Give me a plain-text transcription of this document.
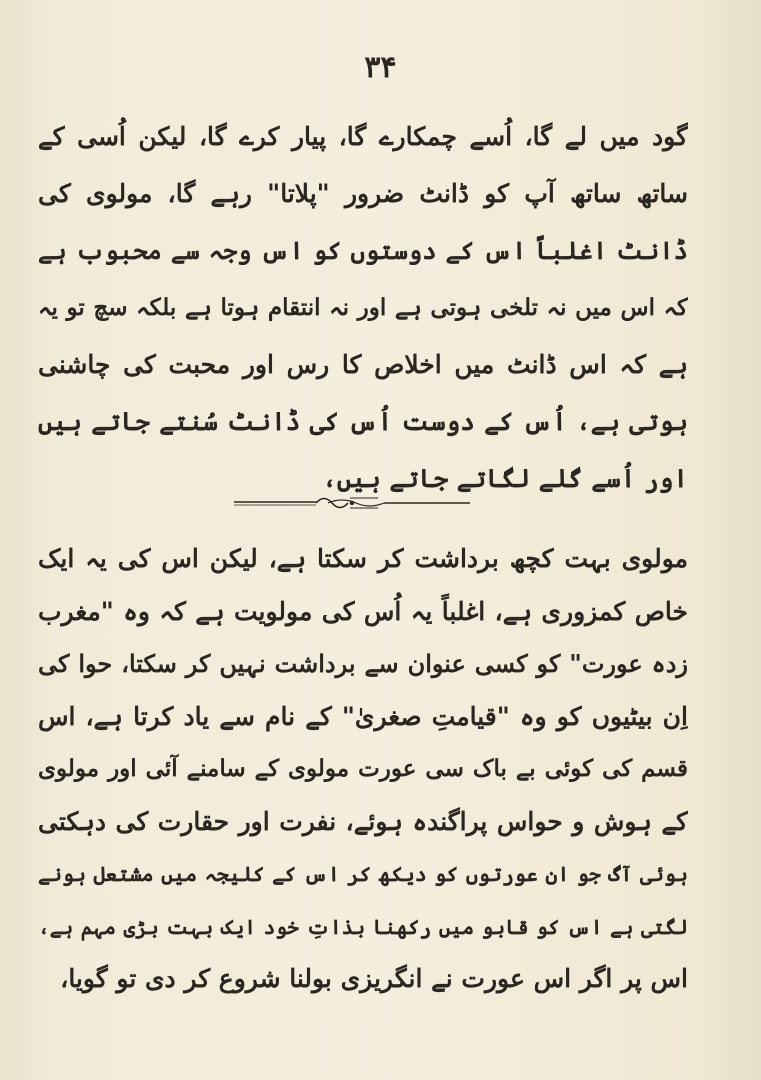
۳۴
گود میں لے گا، اُسے چمکارے گا، پیار کرے گا، لیکن اُسی کے
ساتھ ساتھ آپ کو ڈانٹ ضرور "پلاتا" رہے گا، مولوی کی
ڈانٹ اغلباً اس کے دوستوں کو اس وجہ سے محبوب ہے
کہ اس میں نہ تلخی ہوتی ہے اور نہ انتقام ہوتا ہے بلکہ سچ تو یہ
ہے کہ اس ڈانٹ میں اخلاص کا رس اور محبت کی چاشنی
ہوتی ہے، اُس کے دوست اُس کی ڈانٹ سُنتے جاتے ہیں
اور اُسے گلے لگاتے جاتے ہیں،
مولوی بہت کچھ برداشت کر سکتا ہے، لیکن اس کی یہ ایک
خاص کمزوری ہے، اغلباً یہ اُس کی مولویت ہے کہ وہ "مغرب
زدہ عورت" کو کسی عنوان سے برداشت نہیں کر سکتا، حوا کی
اِن بیٹیوں کو وہ "قیامتِ صغریٰ" کے نام سے یاد کرتا ہے، اس
قسم کی کوئی بے باک سی عورت مولوی کے سامنے آئی اور مولوی
کے ہوش و حواس پراگندہ ہوئے، نفرت اور حقارت کی دہکتی
ہوئی آگ جو ان عورتوں کو دیکھ کر اس کے کلیجہ میں مشتعل ہونے
لگتی ہے اس کو قابو میں رکھنا بذاتِ خود ایک بہت بڑی مہم ہے،
اس پر اگر اس عورت نے انگریزی بولنا شروع کر دی تو گویا،
